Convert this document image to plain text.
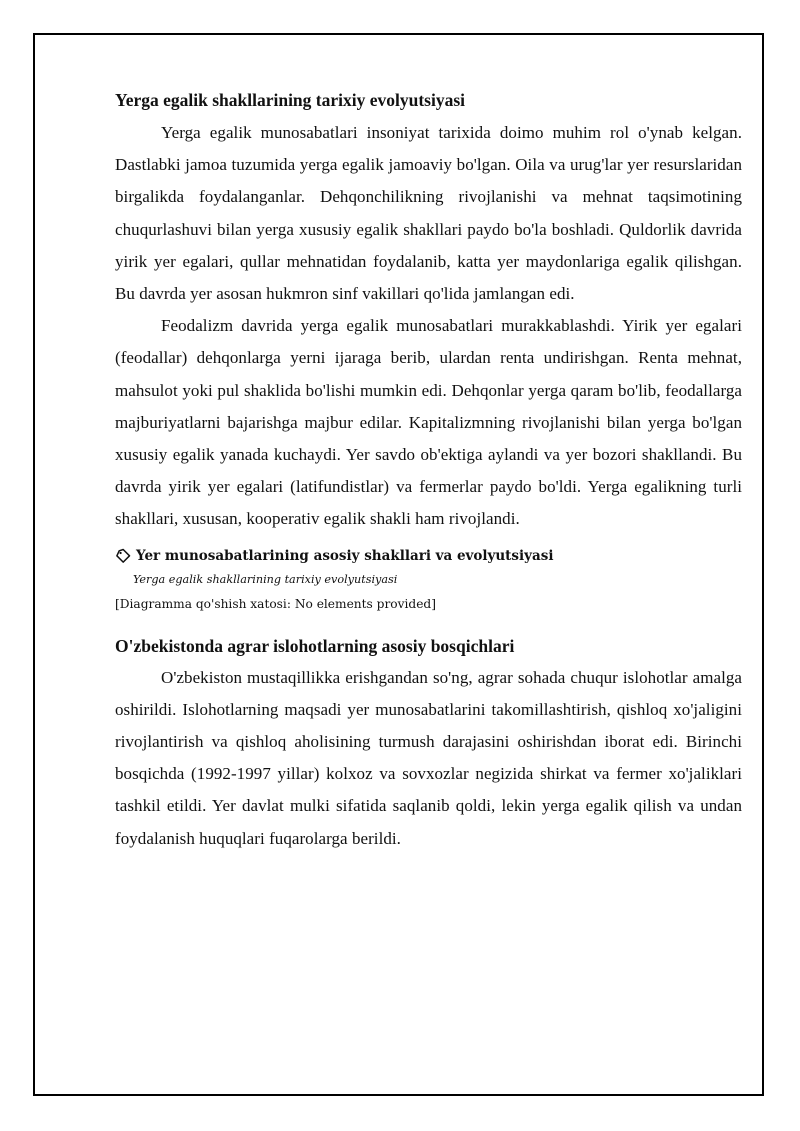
Yerga egalik shakllarining tarixiy evolyutsiyasi

Yerga egalik munosabatlari insoniyat tarixida doimo muhim rol o'ynab kelgan. Dastlabki jamoa tuzumida yerga egalik jamoaviy bo'lgan. Oila va urug'lar yer resurslaridan birgalikda foydalanganlar. Dehqonchilikning rivojlanishi va mehnat taqsimotining chuqurlashuvi bilan yerga xususiy egalik shakllari paydo bo'la boshladi. Quldorlik davrida yirik yer egalari, qullar mehnatidan foydalanib, katta yer maydonlariga egalik qilishgan. Bu davrda yer asosan hukmron sinf vakillari qo'lida jamlangan edi.

Feodalizm davrida yerga egalik munosabatlari murakkablashdi. Yirik yer egalari (feodallar) dehqonlarga yerni ijaraga berib, ulardan renta undirishgan. Renta mehnat, mahsulot yoki pul shaklida bo'lishi mumkin edi. Dehqonlar yerga qaram bo'lib, feodallarga majburiyatlarni bajarishga majbur edilar. Kapitalizmning rivojlanishi bilan yerga bo'lgan xususiy egalik yanada kuchaydi. Yer savdo ob'ektiga aylandi va yer bozori shakllandi. Bu davrda yirik yer egalari (latifundistlar) va fermerlar paydo bo'ldi. Yerga egalikning turli shakllari, xususan, kooperativ egalik shakli ham rivojlandi.

Yer munosabatlarining asosiy shakllari va evolyutsiyasi
Yerga egalik shakllarining tarixiy evolyutsiyasi
[Diagramma qo'shish xatosi: No elements provided]
O'zbekistonda agrar islohotlarning asosiy bosqichlari

O'zbekiston mustaqillikka erishgandan so'ng, agrar sohada chuqur islohotlar amalga oshirildi. Islohotlarning maqsadi yer munosabatlarini takomillashtirish, qishloq xo'jaligini rivojlantirish va qishloq aholisining turmush darajasini oshirishdan iborat edi. Birinchi bosqichda (1992-1997 yillar) kolxoz va sovxozlar negizida shirkat va fermer xo'jaliklari tashkil etildi. Yer davlat mulki sifatida saqlanib qoldi, lekin yerga egalik qilish va undan foydalanish huquqlari fuqarolarga berildi.
